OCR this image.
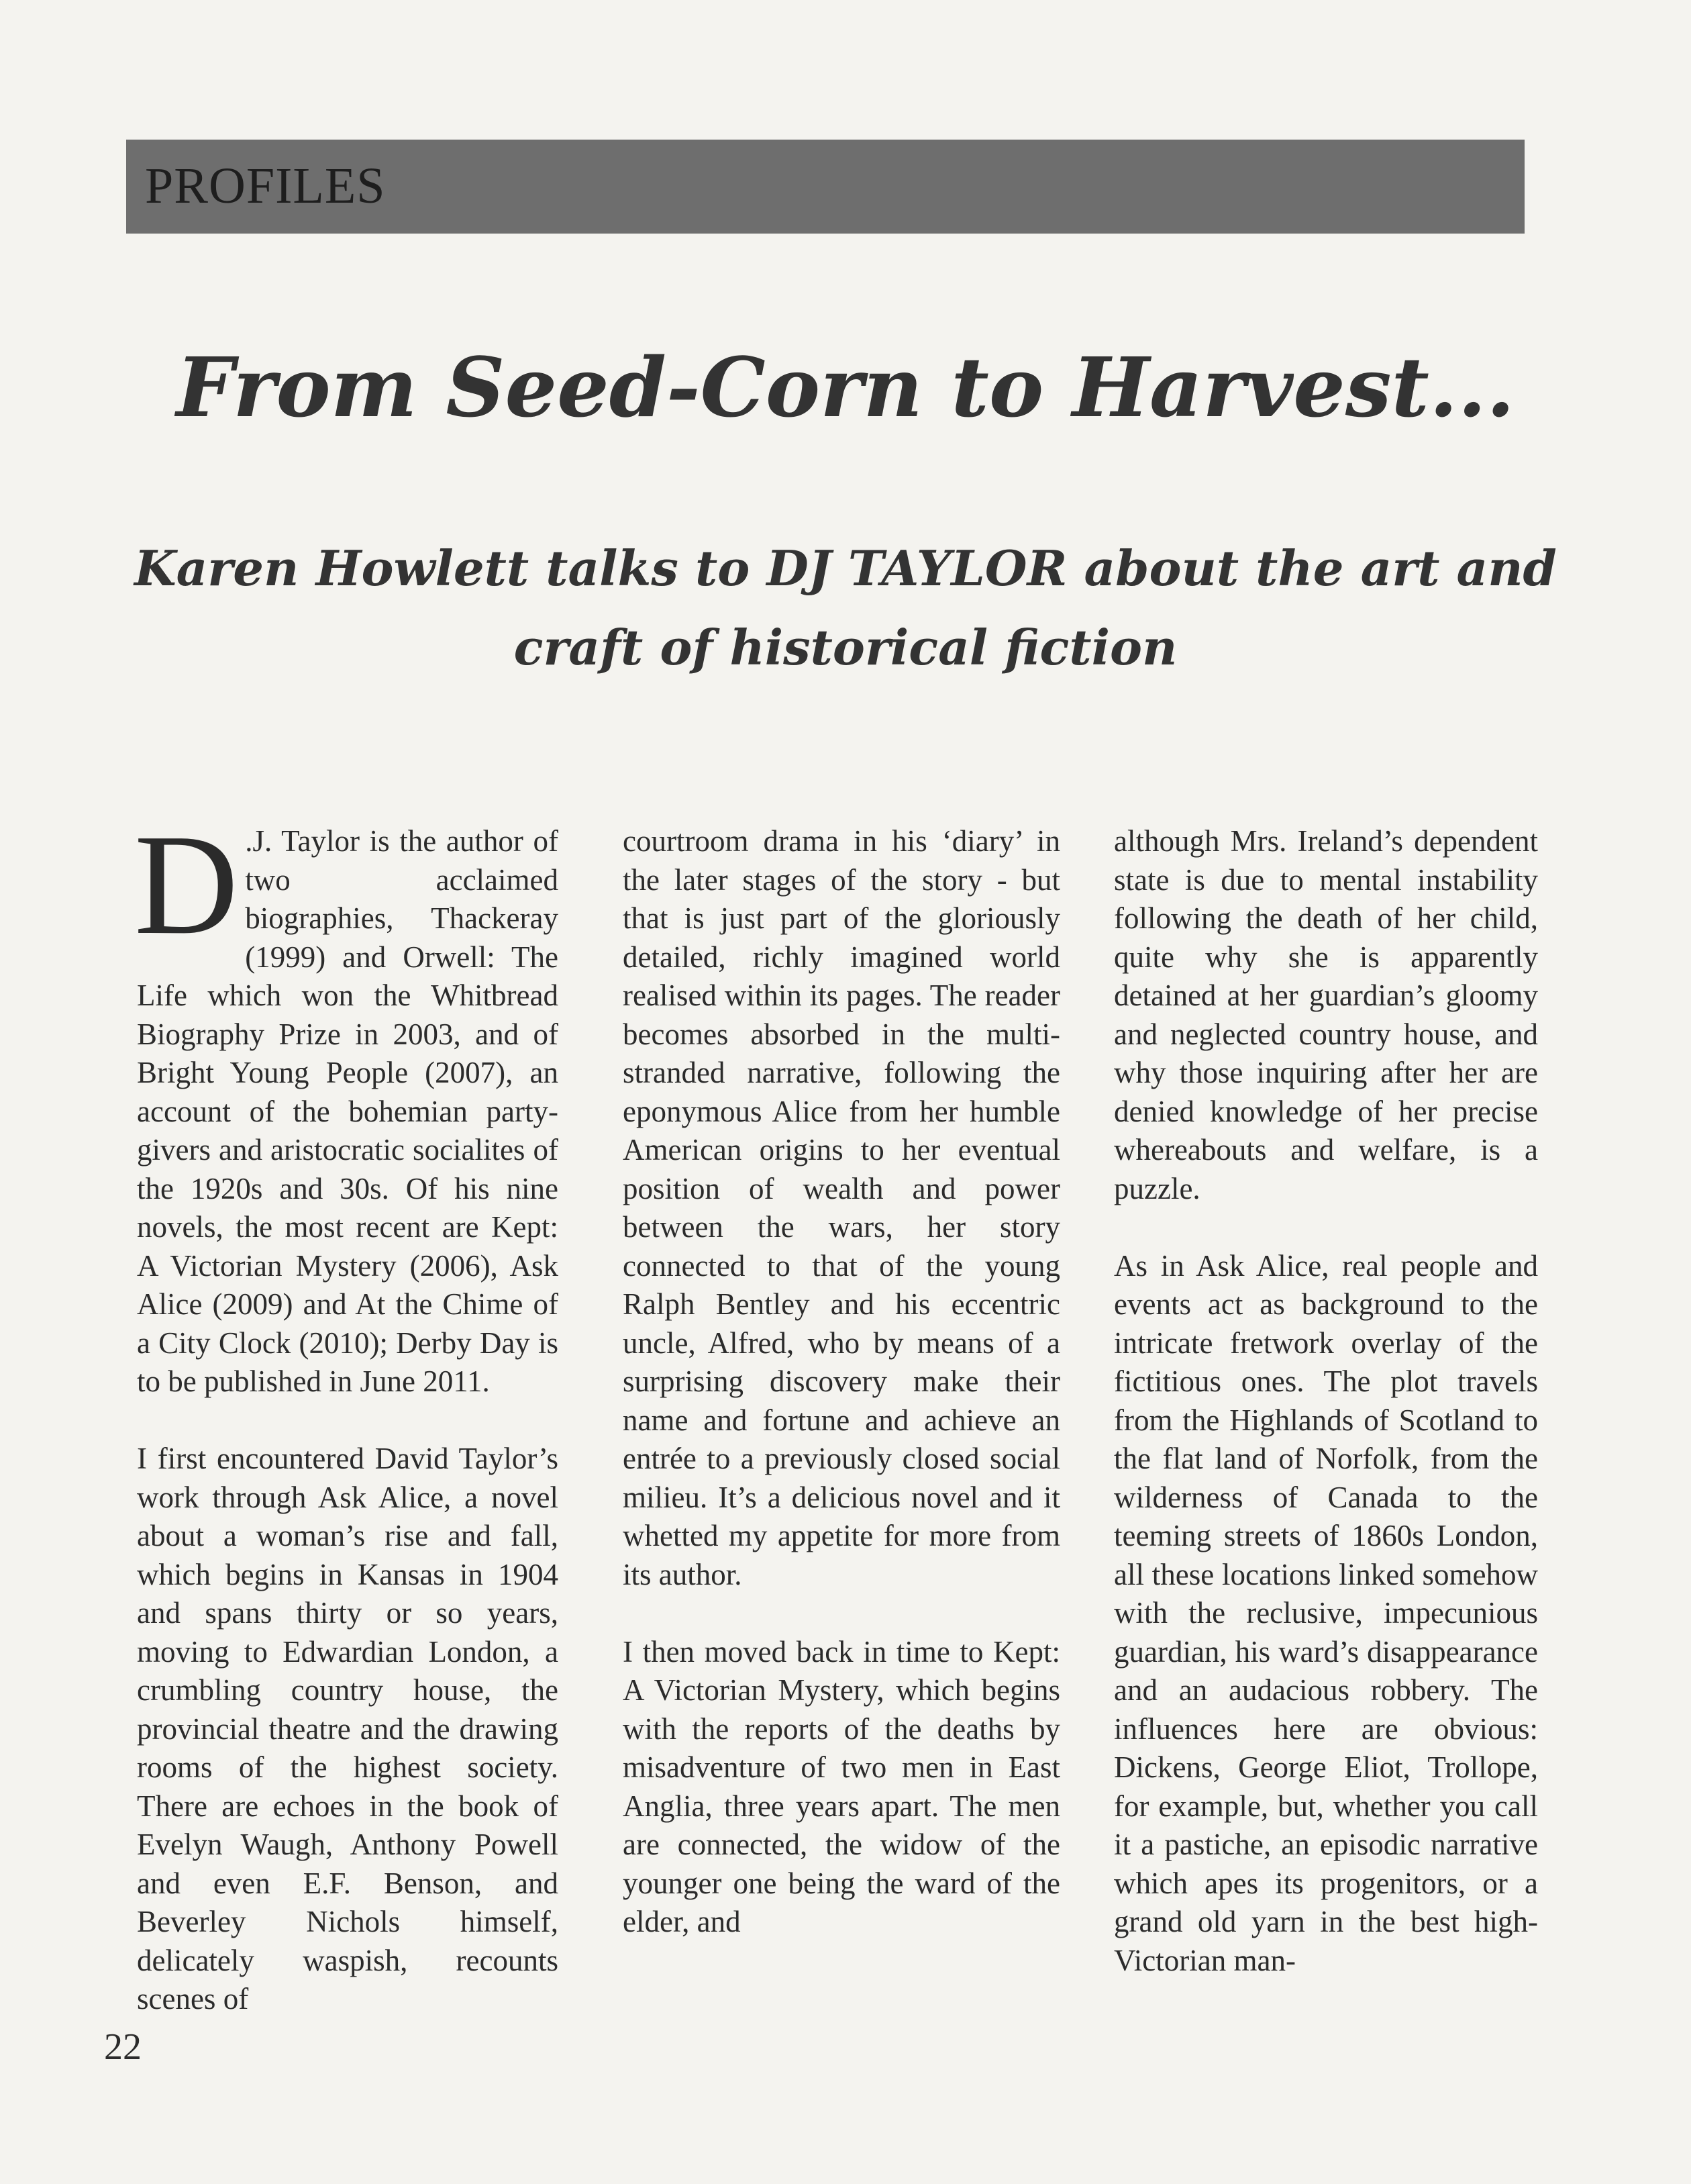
PROFILES
From Seed-Corn to Harvest...
Karen Howlett talks to DJ TAYLOR about the art and craft of historical fiction

D .J. Taylor is the author of two acclaimed biographies, Thackeray (1999) and Orwell: The Life which won the Whitbread Biography Prize in 2003, and of Bright Young People (2007), an account of the bohemian party-givers and aristocratic socialites of the 1920s and 30s. Of his nine novels, the most recent are Kept: A Victorian Mystery (2006), Ask Alice (2009) and At the Chime of a City Clock (2010); Derby Day is to be published in June 2011.

I first encountered David Taylor’s work through Ask Alice, a novel about a woman’s rise and fall, which begins in Kansas in 1904 and spans thirty or so years, moving to Edwardian London, a crumbling country house, the provincial theatre and the drawing rooms of the highest society. There are echoes in the book of Evelyn Waugh, Anthony Powell and even E.F. Benson, and Beverley Nichols himself, delicately waspish, recounts scenes of

courtroom drama in his ‘diary’ in the later stages of the story - but that is just part of the gloriously detailed, richly imagined world realised within its pages. The reader becomes absorbed in the multi-stranded narrative, following the eponymous Alice from her humble American origins to her eventual position of wealth and power between the wars, her story connected to that of the young Ralph Bentley and his eccentric uncle, Alfred, who by means of a surprising discovery make their name and fortune and achieve an entrée to a previously closed social milieu. It’s a delicious novel and it whetted my appetite for more from its author.

I then moved back in time to Kept: A Victorian Mystery, which begins with the reports of the deaths by misadventure of two men in East Anglia, three years apart. The men are connected, the widow of the younger one being the ward of the elder, and

although Mrs. Ireland’s dependent state is due to mental instability following the death of her child, quite why she is apparently detained at her guardian’s gloomy and neglected country house, and why those inquiring after her are denied knowledge of her precise whereabouts and welfare, is a puzzle.

As in Ask Alice, real people and events act as background to the intricate fretwork overlay of the fictitious ones. The plot travels from the Highlands of Scotland to the flat land of Norfolk, from the wilderness of Canada to the teeming streets of 1860s London, all these locations linked somehow with the reclusive, impecunious guardian, his ward’s disappearance and an audacious robbery. The influences here are obvious: Dickens, George Eliot, Trollope, for example, but, whether you call it a pastiche, an episodic narrative which apes its progenitors, or a grand old yarn in the best high-Victorian man-

22
